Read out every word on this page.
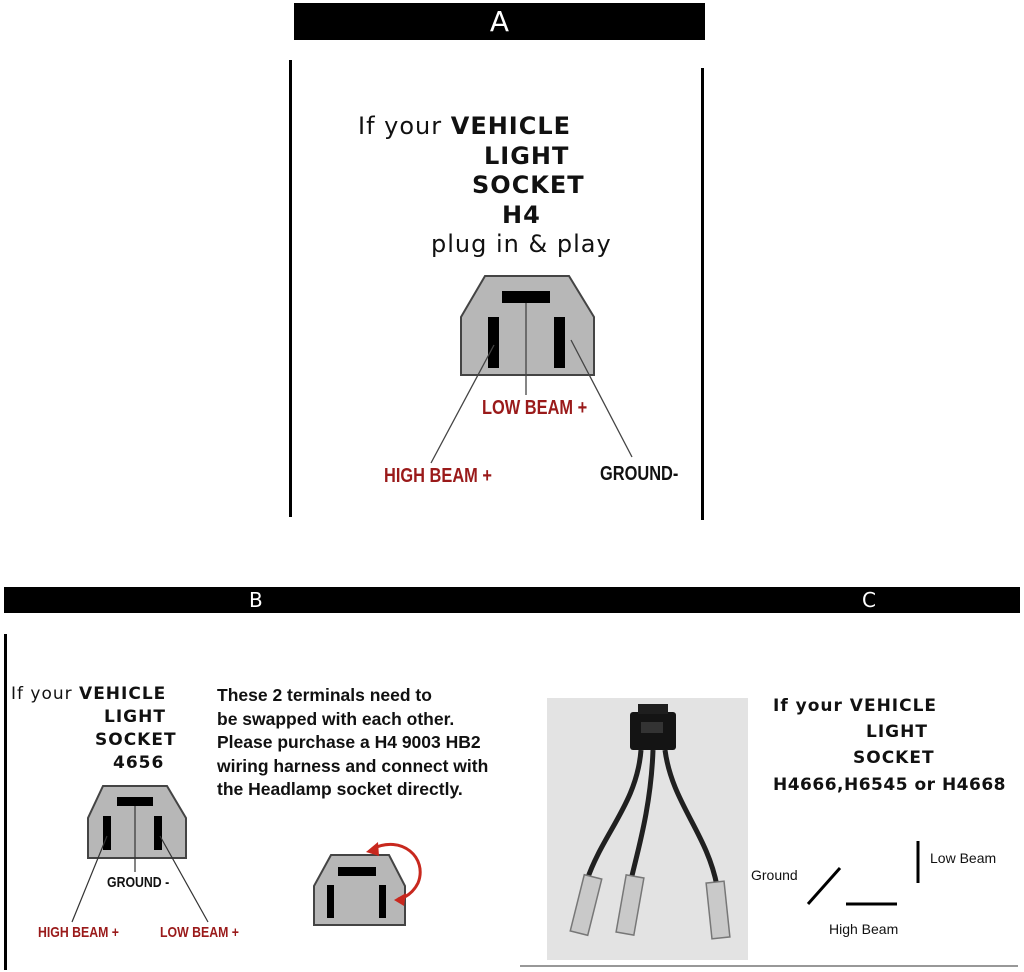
A
If your VEHICLE
LIGHT
SOCKET
H4
plug in & play
LOW BEAM +
HIGH BEAM +	GROUND-
B	C
If your VEHICLE
LIGHT
SOCKET
4656
These 2 terminals need to
be swapped with each other.
Please purchase a H4 9003 HB2
wiring harness and connect with
the Headlamp socket directly.
GROUND -
HIGH BEAM +	LOW BEAM +
If your VEHICLE
LIGHT
SOCKET
H4666,H6545 or H4668
Ground
Low Beam
High Beam
